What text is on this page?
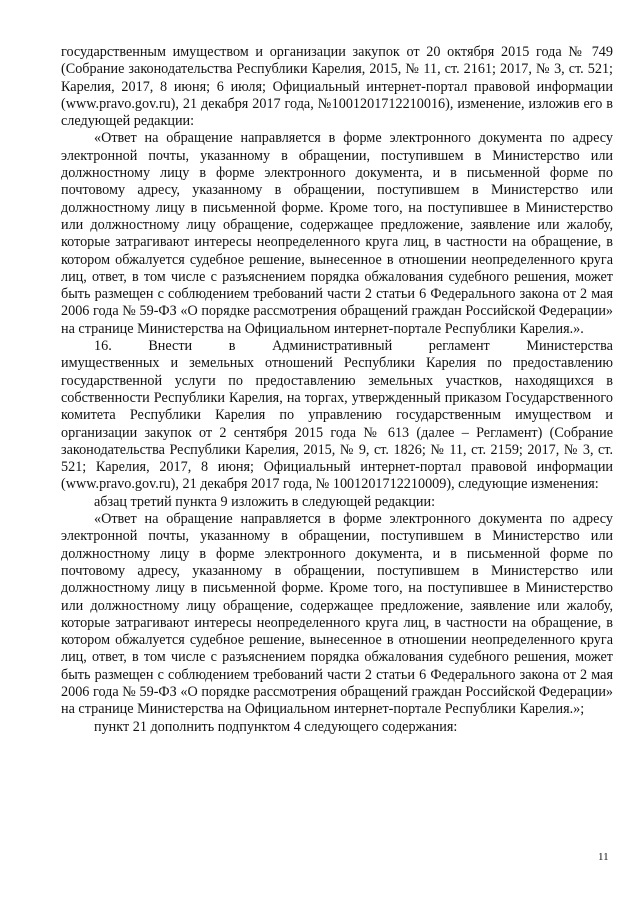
государственным имуществом и организации закупок от 20 октября 2015 года № 749 (Собрание законодательства Республики Карелия, 2015, № 11, ст. 2161; 2017, № 3, ст. 521; Карелия, 2017, 8 июня; 6 июля; Официальный интернет-портал правовой информации (www.pravo.gov.ru), 21 декабря 2017 года, №1001201712210016), изменение, изложив его в следующей редакции:

«Ответ на обращение направляется в форме электронного документа по адресу электронной почты, указанному в обращении, поступившем в Министерство или должностному лицу в форме электронного документа, и в письменной форме по почтовому адресу, указанному в обращении, поступившем в Министерство или должностному лицу в письменной форме. Кроме того, на поступившее в Министерство или должностному лицу обращение, содержащее предложение, заявление или жалобу, которые затрагивают интересы неопределенного круга лиц, в частности на обращение, в котором обжалуется судебное решение, вынесенное в отношении неопределенного круга лиц, ответ, в том числе с разъяснением порядка обжалования судебного решения, может быть размещен с соблюдением требований части 2 статьи 6 Федерального закона от 2 мая 2006 года № 59-ФЗ «О порядке рассмотрения обращений граждан Российской Федерации» на странице Министерства на Официальном интернет-портале Республики Карелия.».

16.	Внести	в	Административный	регламент	Министерства

имущественных и земельных отношений Республики Карелия по предоставлению государственной услуги по предоставлению земельных участков, находящихся в собственности Республики Карелия, на торгах, утвержденный приказом Государственного комитета Республики Карелия по управлению государственным имуществом и организации закупок от 2 сентября 2015 года № 613 (далее – Регламент) (Собрание законодательства Республики Карелия, 2015, № 9, ст. 1826; № 11, ст. 2159; 2017, № 3, ст. 521; Карелия, 2017, 8 июня; Официальный интернет-портал правовой информации (www.pravo.gov.ru), 21 декабря 2017 года, № 1001201712210009), следующие изменения:

абзац третий пункта 9 изложить в следующей редакции:

«Ответ на обращение направляется в форме электронного документа по адресу электронной почты, указанному в обращении, поступившем в Министерство или должностному лицу в форме электронного документа, и в письменной форме по почтовому адресу, указанному в обращении, поступившем в Министерство или должностному лицу в письменной форме. Кроме того, на поступившее в Министерство или должностному лицу обращение, содержащее предложение, заявление или жалобу, которые затрагивают интересы неопределенного круга лиц, в частности на обращение, в котором обжалуется судебное решение, вынесенное в отношении неопределенного круга лиц, ответ, в том числе с разъяснением порядка обжалования судебного решения, может быть размещен с соблюдением требований части 2 статьи 6 Федерального закона от 2 мая 2006 года № 59-ФЗ «О порядке рассмотрения обращений граждан Российской Федерации» на странице Министерства на Официальном интернет-портале Республики Карелия.»;

пункт 21 дополнить подпунктом 4 следующего содержания:

11
